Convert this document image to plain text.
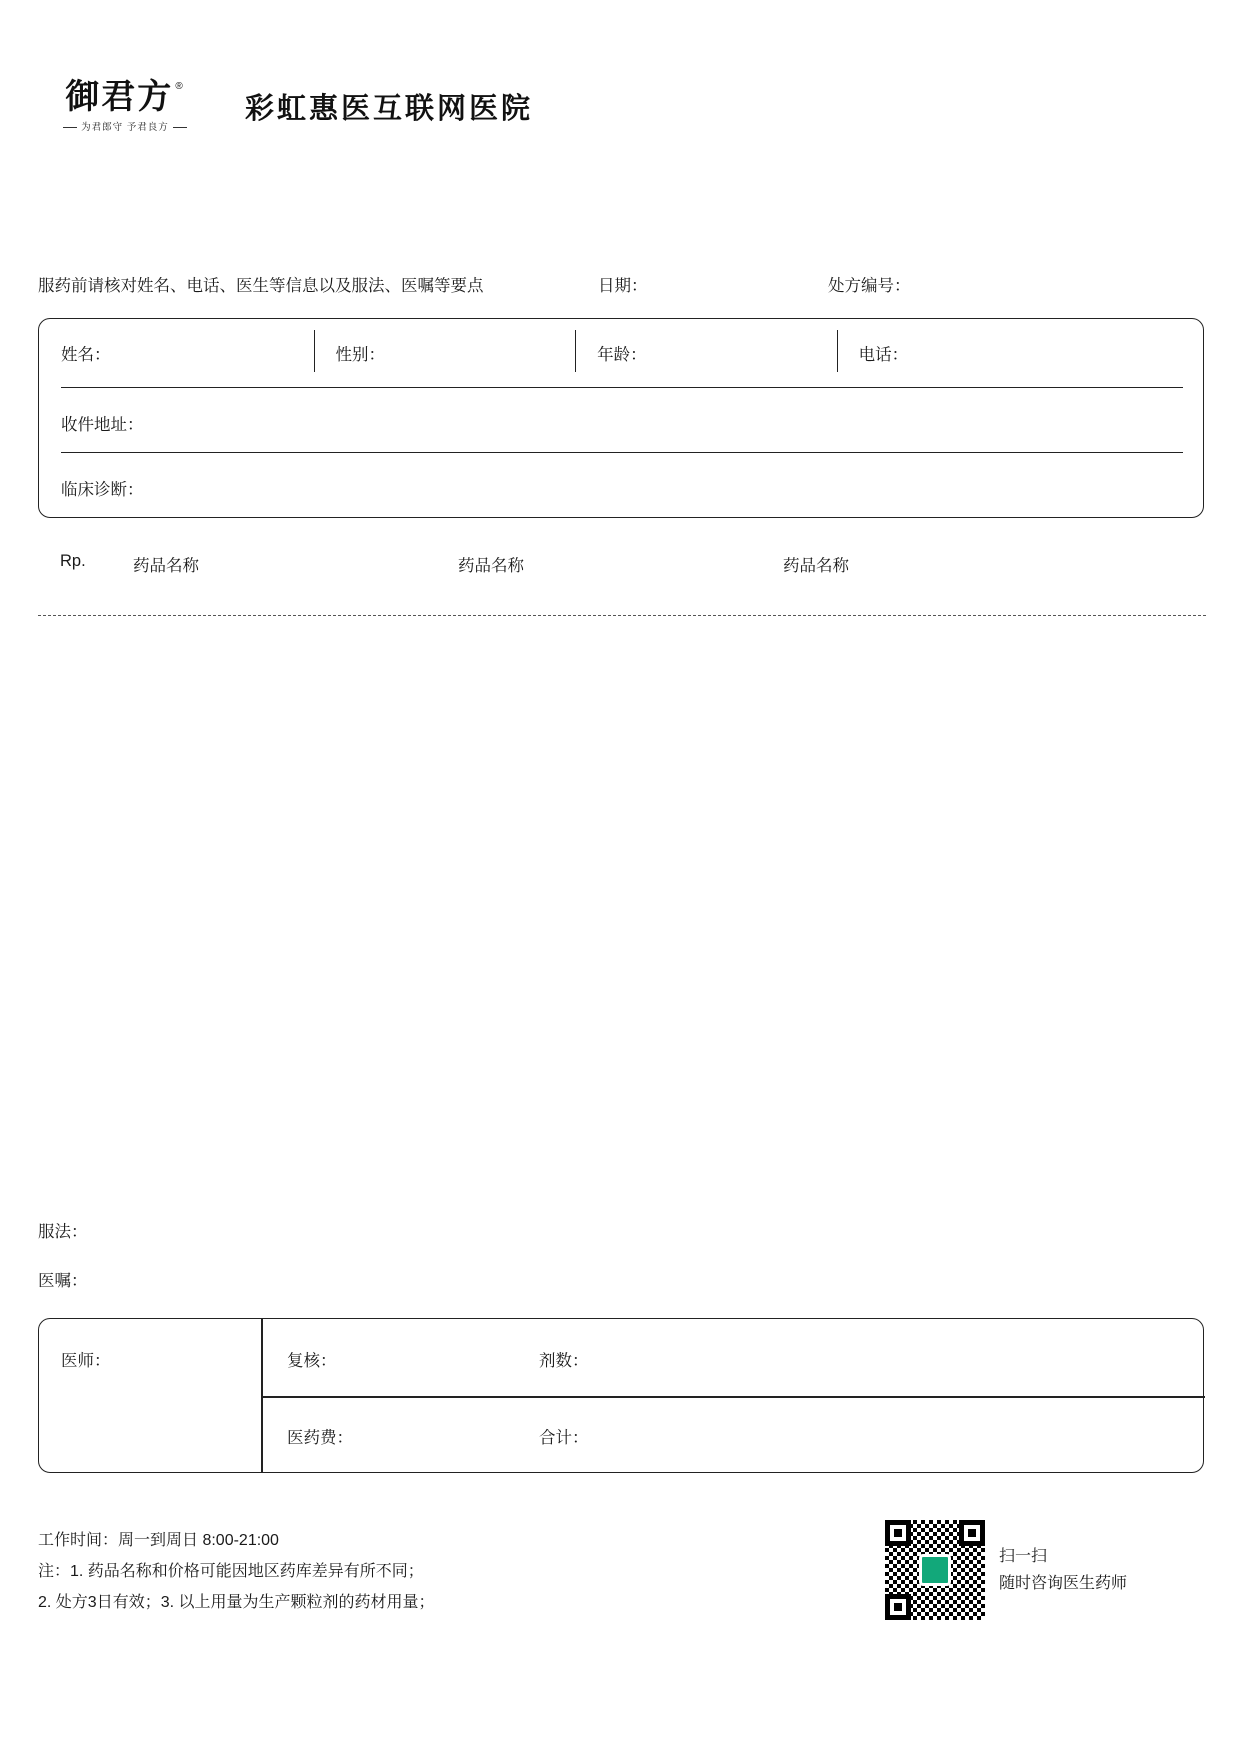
御君方 ®
为君郎守 予君良方
彩虹惠医互联网医院
服药前请核对姓名、电话、医生等信息以及服法、医嘱等要点	日期：	处方编号：
姓名：	性别：	年龄：	电话：
收件地址：
临床诊断：
Rp.	药品名称	药品名称	药品名称
服法：
医嘱：
医师：	复核：	剂数：
医药费：	合计：
工作时间：周一到周日 8:00-21:00
注：1. 药品名称和价格可能因地区药库差异有所不同；
2. 处方3日有效；3. 以上用量为生产颗粒剂的药材用量；
扫一扫
随时咨询医生药师
